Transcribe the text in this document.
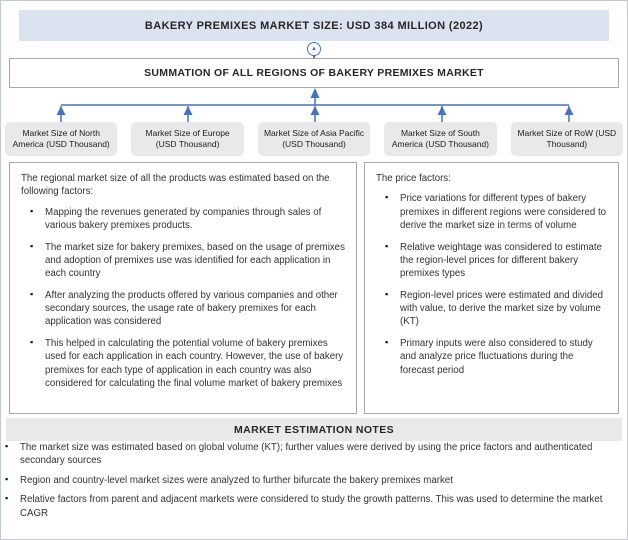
BAKERY PREMIXES MARKET SIZE: USD 384 MILLION (2022)
▲
SUMMATION OF ALL REGIONS OF BAKERY PREMIXES MARKET
Market Size of North America (USD Thousand)
Market Size of Europe (USD Thousand)
Market Size of Asia Pacific (USD Thousand)
Market Size of South America (USD Thousand)
Market Size of RoW (USD Thousand)

The regional market size of all the products was estimated based on the following factors:

▪ Mapping the revenues generated by companies through sales of various bakery premixes products.
▪ The market size for bakery premixes, based on the usage of premixes and adoption of premixes use was identified for each application in each country
▪ After analyzing the products offered by various companies and other secondary sources, the usage rate of bakery premixes for each application was considered
▪ This helped in calculating the potential volume of bakery premixes used for each application in each country. However, the use of bakery premixes for each type of application in each country was also considered for calculating the final volume market of bakery premixes

The price factors:

▪ Price variations for different types of bakery premixes in different regions were considered to derive the market size in terms of volume
▪ Relative weightage was considered to estimate the region-level prices for different bakery premixes types
▪ Region-level prices were estimated and divided with value, to derive the market size by volume (KT)
▪ Primary inputs were also considered to study and analyze price fluctuations during the forecast period
MARKET ESTIMATION NOTES
▪ The market size was estimated based on global volume (KT); further values were derived by using the price factors and authenticated secondary sources
▪ Region and country-level market sizes were analyzed to further bifurcate the bakery premixes market
▪ Relative factors from parent and adjacent markets were considered to study the growth patterns. This was used to determine the market CAGR
